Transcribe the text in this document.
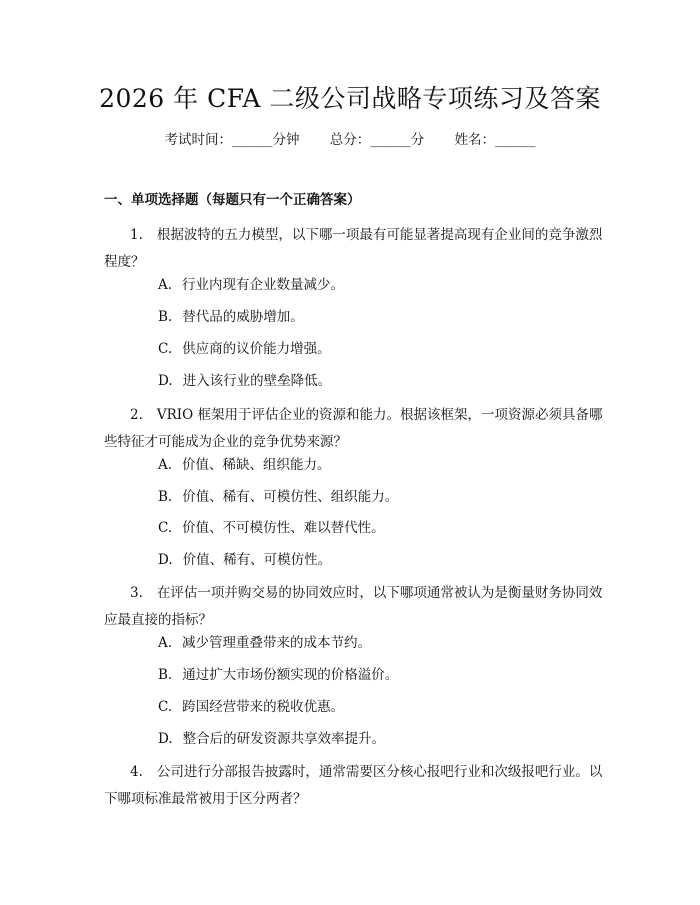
2026 年 CFA 二级公司战略专项练习及答案
考试时间：______分钟 总分：______分 姓名：______
一、单项选择题（每题只有一个正确答案）
1. 根据波特的五力模型，以下哪一项最有可能显著提高现有企业间的竞争激烈程度？
A. 行业内现有企业数量减少。
B. 替代品的威胁增加。
C. 供应商的议价能力增强。
D. 进入该行业的壁垒降低。
2. VRIO 框架用于评估企业的资源和能力。根据该框架，一项资源必须具备哪些特征才可能成为企业的竞争优势来源？
A. 价值、稀缺、组织能力。
B. 价值、稀有、可模仿性、组织能力。
C. 价值、不可模仿性、难以替代性。
D. 价值、稀有、可模仿性。
3. 在评估一项并购交易的协同效应时，以下哪项通常被认为是衡量财务协同效应最直接的指标？
A. 减少管理重叠带来的成本节约。
B. 通过扩大市场份额实现的价格溢价。
C. 跨国经营带来的税收优惠。
D. 整合后的研发资源共享效率提升。
4. 公司进行分部报告披露时，通常需要区分核心报吧行业和次级报吧行业。以下哪项标准最常被用于区分两者？
